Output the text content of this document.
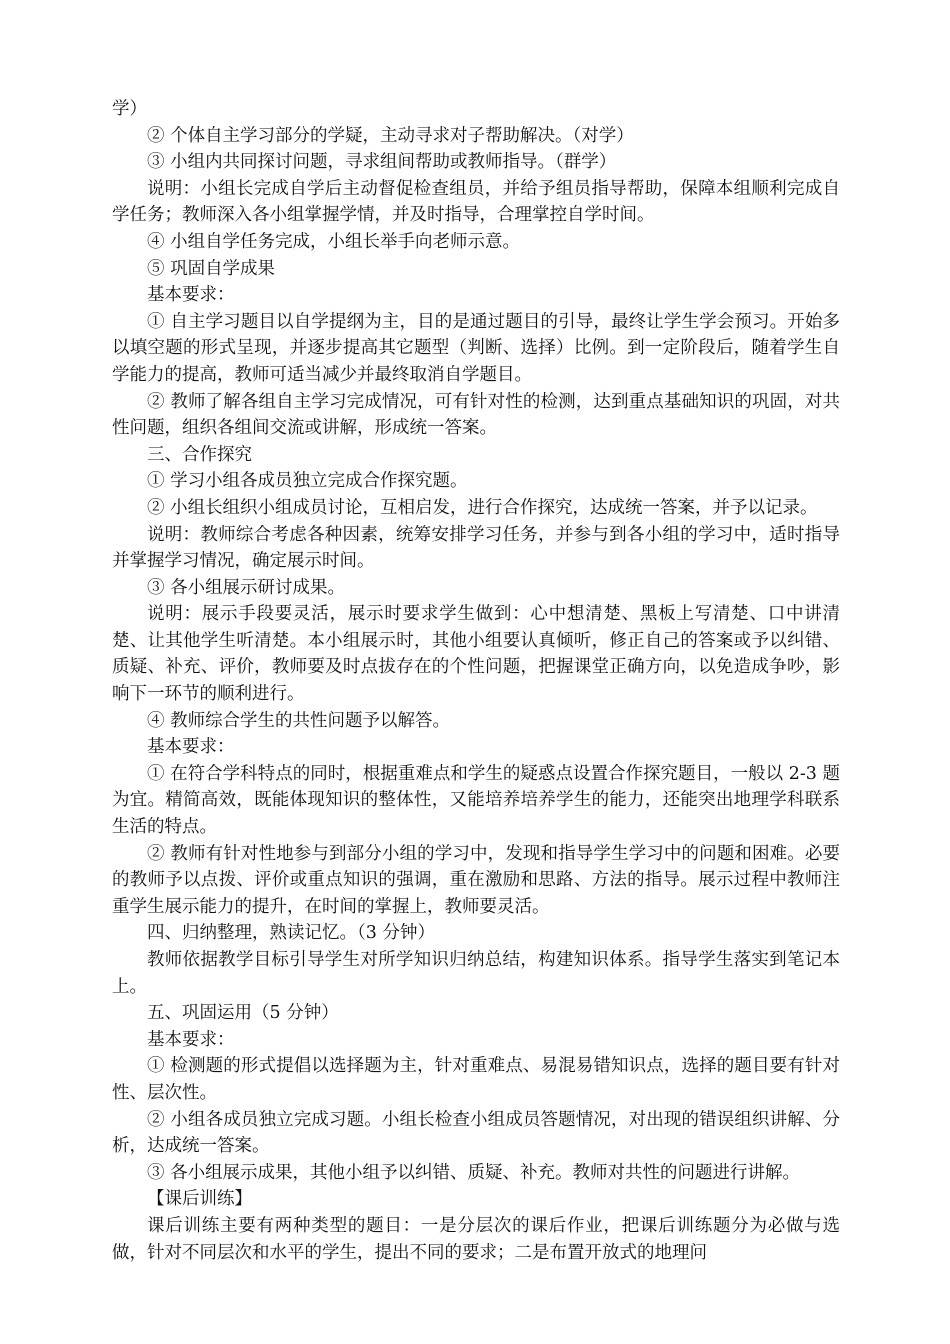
学）

② 个体自主学习部分的学疑，主动寻求对子帮助解决。（对学）

③ 小组内共同探讨问题，寻求组间帮助或教师指导。（群学）

说明：小组长完成自学后主动督促检查组员，并给予组员指导帮助，保障本组顺利完成自学任务；教师深入各小组掌握学情，并及时指导，合理掌控自学时间。

④ 小组自学任务完成，小组长举手向老师示意。

⑤ 巩固自学成果

基本要求：

① 自主学习题目以自学提纲为主，目的是通过题目的引导，最终让学生学会预习。开始多以填空题的形式呈现，并逐步提高其它题型（判断、选择）比例。到一定阶段后，随着学生自学能力的提高，教师可适当减少并最终取消自学题目。

② 教师了解各组自主学习完成情况，可有针对性的检测，达到重点基础知识的巩固，对共性问题，组织各组间交流或讲解，形成统一答案。

三、合作探究

① 学习小组各成员独立完成合作探究题。

② 小组长组织小组成员讨论，互相启发，进行合作探究，达成统一答案，并予以记录。

说明：教师综合考虑各种因素，统筹安排学习任务，并参与到各小组的学习中，适时指导并掌握学习情况，确定展示时间。

③ 各小组展示研讨成果。

说明：展示手段要灵活，展示时要求学生做到：心中想清楚、黑板上写清楚、口中讲清楚、让其他学生听清楚。本小组展示时，其他小组要认真倾听，修正自己的答案或予以纠错、质疑、补充、评价，教师要及时点拔存在的个性问题，把握课堂正确方向，以免造成争吵，影响下一环节的顺利进行。

④ 教师综合学生的共性问题予以解答。

基本要求：

① 在符合学科特点的同时，根据重难点和学生的疑惑点设置合作探究题目，一般以 2-3 题为宜。精简高效，既能体现知识的整体性，又能培养培养学生的能力，还能突出地理学科联系生活的特点。

② 教师有针对性地参与到部分小组的学习中，发现和指导学生学习中的问题和困难。必要的教师予以点拨、评价或重点知识的强调，重在激励和思路、方法的指导。展示过程中教师注重学生展示能力的提升，在时间的掌握上，教师要灵活。

四、归纳整理，熟读记忆。（3 分钟）

教师依据教学目标引导学生对所学知识归纳总结，构建知识体系。指导学生落实到笔记本上。

五、巩固运用（5 分钟）

基本要求：

① 检测题的形式提倡以选择题为主，针对重难点、易混易错知识点，选择的题目要有针对性、层次性。

② 小组各成员独立完成习题。小组长检查小组成员答题情况，对出现的错误组织讲解、分析，达成统一答案。

③ 各小组展示成果，其他小组予以纠错、质疑、补充。教师对共性的问题进行讲解。

【课后训练】

课后训练主要有两种类型的题目：一是分层次的课后作业，把课后训练题分为必做与选做，针对不同层次和水平的学生，提出不同的要求；二是布置开放式的地理问
